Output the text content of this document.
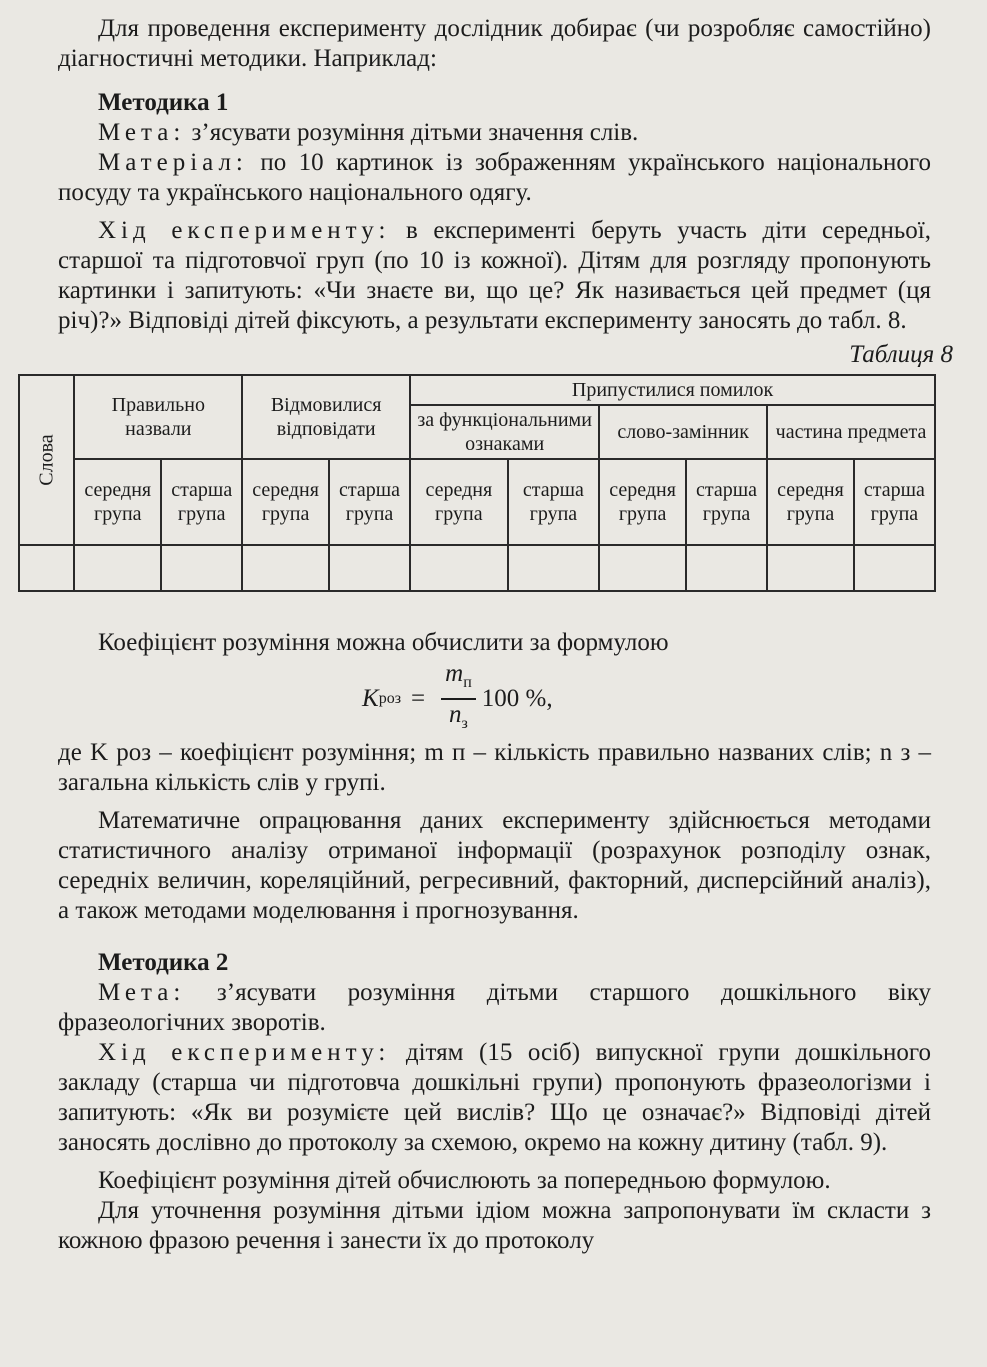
Для проведення експерименту дослідник добирає (чи розробляє самостійно) діагностичні методики. Наприклад:

Методика 1

Мета: з’ясувати розуміння дітьми значення слів.

Матеріал: по 10 картинок із зображенням українського національного посуду та українського національного одягу.

Хід експерименту: в експерименті беруть участь діти середньої, старшої та підготовчої груп (по 10 із кожної). Дітям для розгляду пропонують картинки і запитують: «Чи знаєте ви, що це? Як називається цей предмет (ця річ)?» Відповіді дітей фіксують, а результати експерименту заносять до табл. 8.

Таблиця 8
Слова	Правильно назвали		Відмовилися відповідати		Припустилися помилок					
					за функціональними ознаками		слово-замінник		частина предмета	
	середня група	старша група	середня група	старша група	середня група	старша група	середня група	старша група	середня група	старша група

Коефіцієнт розуміння можна обчислити за формулою

K роз = $\frac{m_п}{n_з} 100$ %,

де K роз – коефіцієнт розуміння; m п – кількість правильно названих слів; n з – загальна кількість слів у групі.

Математичне опрацювання даних експерименту здійснюється методами статистичного аналізу отриманої інформації (розрахунок розподілу ознак, середніх величин, кореляційний, регресивний, факторний, дисперсійний аналіз), а також методами моделювання і прогнозування.

Методика 2

Мета: з’ясувати розуміння дітьми старшого дошкільного віку фразеологічних зворотів.

Хід експерименту: дітям (15 осіб) випускної групи дошкільного закладу (старша чи підготовча дошкільні групи) пропонують фразеологізми і запитують: «Як ви розумієте цей вислів? Що це означає?» Відповіді дітей заносять дослівно до протоколу за схемою, окремо на кожну дитину (табл. 9).

Коефіцієнт розуміння дітей обчислюють за попередньою формулою.

Для уточнення розуміння дітьми ідіом можна запропонувати їм скласти з кожною фразою речення і занести їх до протоколу
